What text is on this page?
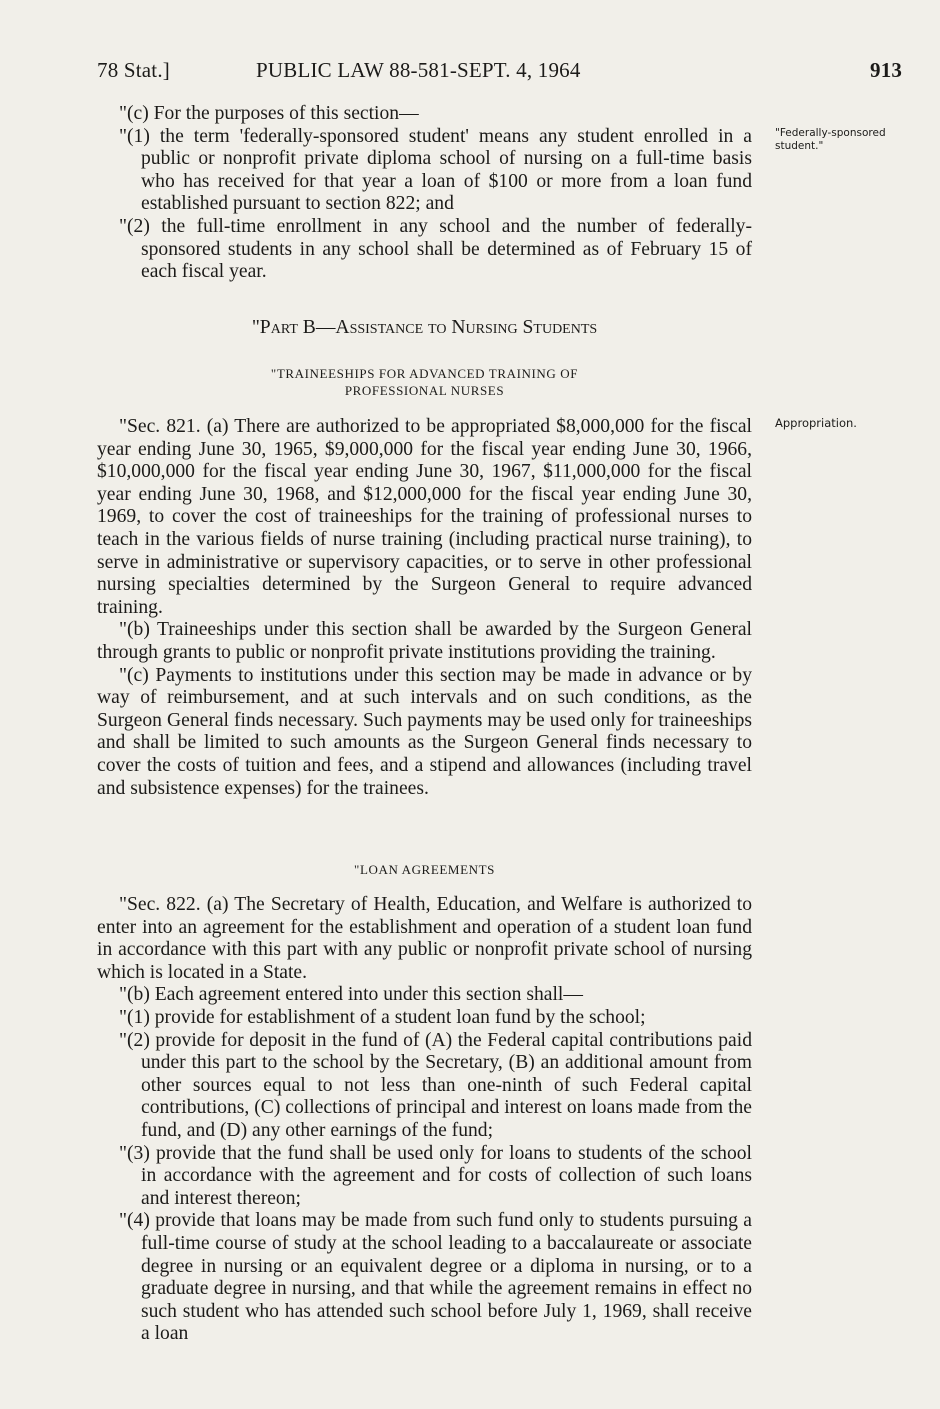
78 Stat.]	PUBLIC LAW 88-581-SEPT. 4, 1964	913
"Federally-sponsored student."
Appropriation.

"(c) For the purposes of this section—

"(1) the term 'federally-sponsored student' means any student enrolled in a public or nonprofit private diploma school of nursing on a full-time basis who has received for that year a loan of $100 or more from a loan fund established pursuant to section 822; and

"(2) the full-time enrollment in any school and the number of federally-sponsored students in any school shall be determined as of February 15 of each fiscal year.

"Part B—Assistance to Nursing Students

"TRAINEESHIPS FOR ADVANCED TRAINING OF

PROFESSIONAL NURSES

"Sec. 821. (a) There are authorized to be appropriated $8,000,000 for the fiscal year ending June 30, 1965, $9,000,000 for the fiscal year ending June 30, 1966, $10,000,000 for the fiscal year ending June 30, 1967, $11,000,000 for the fiscal year ending June 30, 1968, and $12,000,000 for the fiscal year ending June 30, 1969, to cover the cost of traineeships for the training of professional nurses to teach in the various fields of nurse training (including practical nurse training), to serve in administrative or supervisory capacities, or to serve in other professional nursing specialties determined by the Surgeon General to require advanced training.

"(b) Traineeships under this section shall be awarded by the Surgeon General through grants to public or nonprofit private institutions providing the training.

"(c) Payments to institutions under this section may be made in advance or by way of reimbursement, and at such intervals and on such conditions, as the Surgeon General finds necessary. Such payments may be used only for traineeships and shall be limited to such amounts as the Surgeon General finds necessary to cover the costs of tuition and fees, and a stipend and allowances (including travel and subsistence expenses) for the trainees.

"LOAN AGREEMENTS

"Sec. 822. (a) The Secretary of Health, Education, and Welfare is authorized to enter into an agreement for the establishment and operation of a student loan fund in accordance with this part with any public or nonprofit private school of nursing which is located in a State.

"(b) Each agreement entered into under this section shall—

"(1) provide for establishment of a student loan fund by the school;

"(2) provide for deposit in the fund of (A) the Federal capital contributions paid under this part to the school by the Secretary, (B) an additional amount from other sources equal to not less than one-ninth of such Federal capital contributions, (C) collections of principal and interest on loans made from the fund, and (D) any other earnings of the fund;

"(3) provide that the fund shall be used only for loans to students of the school in accordance with the agreement and for costs of collection of such loans and interest thereon;

"(4) provide that loans may be made from such fund only to students pursuing a full-time course of study at the school leading to a baccalaureate or associate degree in nursing or an equivalent degree or a diploma in nursing, or to a graduate degree in nursing, and that while the agreement remains in effect no such student who has attended such school before July 1, 1969, shall receive a loan
